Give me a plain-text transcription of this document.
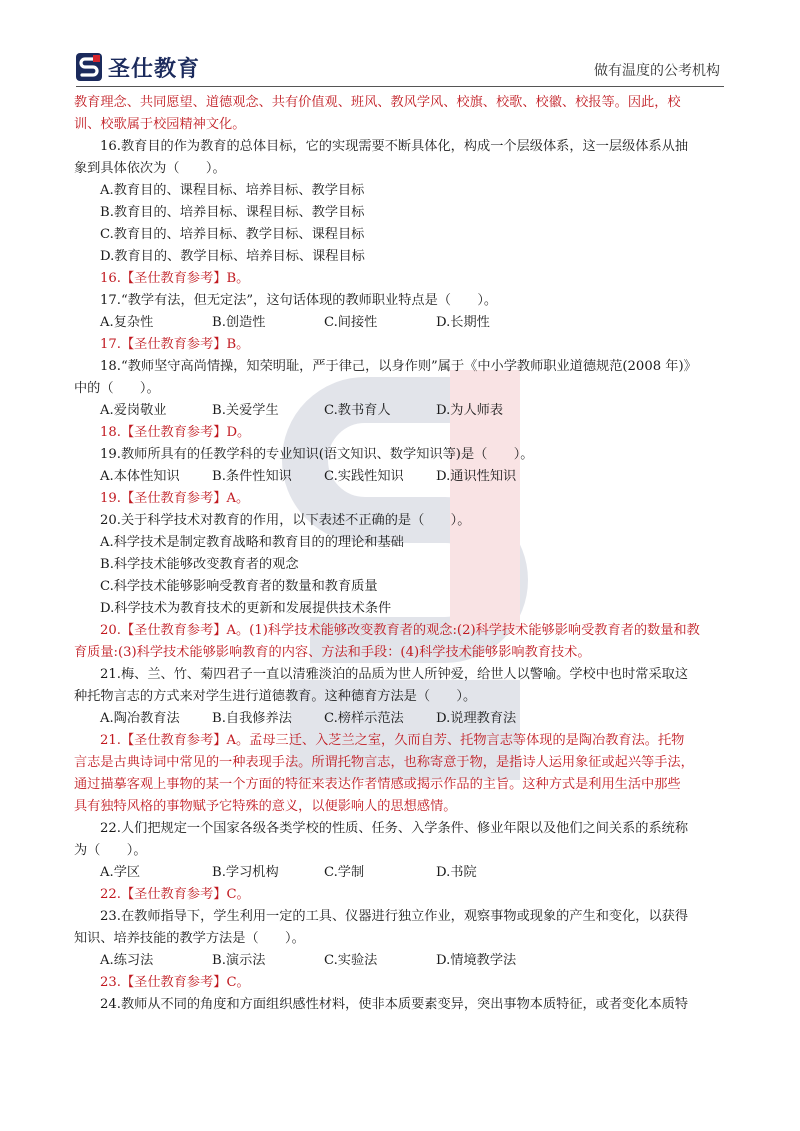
圣仕教育	做有温度的公考机构
教育理念、共同愿望、道德观念、共有价值观、班风、教风学风、校旗、校歌、校徽、校报等。因此，校
训、校歌属于校园精神文化。
16.教育目的作为教育的总体目标，它的实现需要不断具体化，构成一个层级体系，这一层级体系从抽
象到具体依次为（　　）。
A.教育目的、课程目标、培养目标、教学目标
B.教育目的、培养目标、课程目标、教学目标
C.教育目的、培养目标、教学目标、课程目标
D.教育目的、教学目标、培养目标、课程目标
16.【圣仕教育参考】B。
17.“教学有法，但无定法”，这句话体现的教师职业特点是（　　）。
A.复杂性	B.创造性	C.间接性	D.长期性
17.【圣仕教育参考】B。
18.“教师坚守高尚情操，知荣明耻，严于律己，以身作则”属于《中小学教师职业道德规范(2008 年)》
中的（　　）。
A.爱岗敬业	B.关爱学生	C.教书育人	D.为人师表
18.【圣仕教育参考】D。
19.教师所具有的任教学科的专业知识(语文知识、数学知识等)是（　　）。
A.本体性知识	B.条件性知识	C.实践性知识	D.通识性知识
19.【圣仕教育参考】A。
20.关于科学技术对教育的作用，以下表述不正确的是（　　）。
A.科学技术是制定教育战略和教育目的的理论和基础
B.科学技术能够改变教育者的观念
C.科学技术能够影响受教育者的数量和教育质量
D.科学技术为教育技术的更新和发展提供技术条件
20.【圣仕教育参考】A。(1)科学技术能够改变教育者的观念:(2)科学技术能够影响受教育者的数量和教
育质量:(3)科学技术能够影响教育的内容、方法和手段：(4)科学技术能够影响教育技术。
21.梅、兰、竹、菊四君子一直以清雅淡泊的品质为世人所钟爱，给世人以警喻。学校中也时常采取这
种托物言志的方式来对学生进行道德教育。这种德育方法是（　　）。
A.陶冶教育法	B.自我修养法	C.榜样示范法	D.说理教育法
21.【圣仕教育参考】A。孟母三迁、入芝兰之室，久而自芳、托物言志等体现的是陶冶教育法。托物
言志是古典诗词中常见的一种表现手法。所谓托物言志，也称寄意于物，是指诗人运用象征或起兴等手法，
通过描摹客观上事物的某一个方面的特征来表达作者情感或揭示作品的主旨。这种方式是利用生活中那些
具有独特风格的事物赋予它特殊的意义，以便影响人的思想感情。
22.人们把规定一个国家各级各类学校的性质、任务、入学条件、修业年限以及他们之间关系的系统称
为（　　）。
A.学区	B.学习机构	C.学制	D.书院
22.【圣仕教育参考】C。
23.在教师指导下，学生利用一定的工具、仪器进行独立作业，观察事物或现象的产生和变化，以获得
知识、培养技能的教学方法是（　　）。
A.练习法	B.演示法	C.实验法	D.情境教学法
23.【圣仕教育参考】C。
24.教师从不同的角度和方面组织感性材料，使非本质要素变异，突出事物本质特征，或者变化本质特
